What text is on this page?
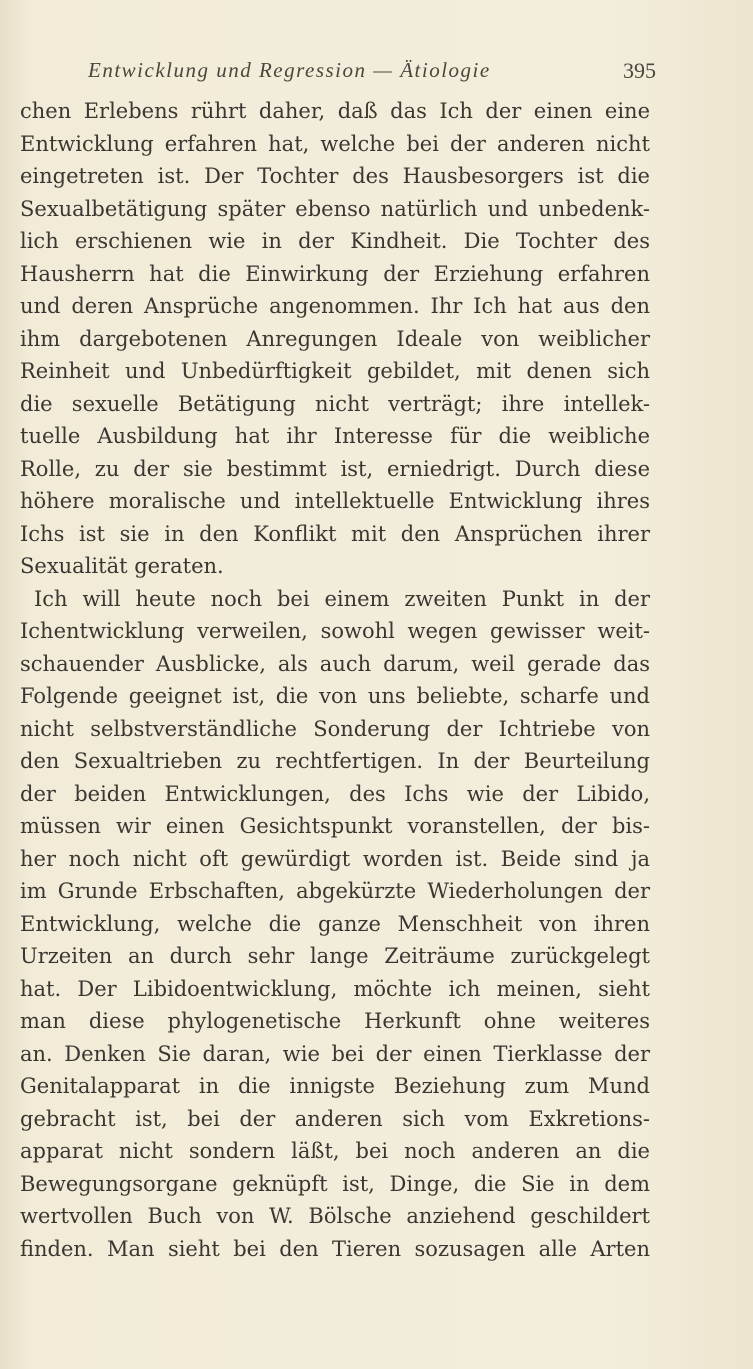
Entwicklung und Regression — Ätiologie	395
chen Erlebens rührt daher, daß das Ich der einen eine
Entwicklung erfahren hat, welche bei der anderen nicht
eingetreten ist. Der Tochter des Hausbesorgers ist die
Sexualbetätigung später ebenso natürlich und unbedenk-
lich erschienen wie in der Kindheit. Die Tochter des
Hausherrn hat die Einwirkung der Erziehung erfahren
und deren Ansprüche angenommen. Ihr Ich hat aus den
ihm dargebotenen Anregungen Ideale von weiblicher
Reinheit und Unbedürftigkeit gebildet, mit denen sich
die sexuelle Betätigung nicht verträgt; ihre intellek-
tuelle Ausbildung hat ihr Interesse für die weibliche
Rolle, zu der sie bestimmt ist, erniedrigt. Durch diese
höhere moralische und intellektuelle Entwicklung ihres
Ichs ist sie in den Konflikt mit den Ansprüchen ihrer
Sexualität geraten.
Ich will heute noch bei einem zweiten Punkt in der
Ichentwicklung verweilen, sowohl wegen gewisser weit-
schauender Ausblicke, als auch darum, weil gerade das
Folgende geeignet ist, die von uns beliebte, scharfe und
nicht selbstverständliche Sonderung der Ichtriebe von
den Sexualtrieben zu rechtfertigen. In der Beurteilung
der beiden Entwicklungen, des Ichs wie der Libido,
müssen wir einen Gesichtspunkt voranstellen, der bis-
her noch nicht oft gewürdigt worden ist. Beide sind ja
im Grunde Erbschaften, abgekürzte Wiederholungen der
Entwicklung, welche die ganze Menschheit von ihren
Urzeiten an durch sehr lange Zeiträume zurückgelegt
hat. Der Libidoentwicklung, möchte ich meinen, sieht
man diese phylogenetische Herkunft ohne weiteres
an. Denken Sie daran, wie bei der einen Tierklasse der
Genitalapparat in die innigste Beziehung zum Mund
gebracht ist, bei der anderen sich vom Exkretions-
apparat nicht sondern läßt, bei noch anderen an die
Bewegungsorgane geknüpft ist, Dinge, die Sie in dem
wertvollen Buch von W. Bölsche anziehend geschildert
finden. Man sieht bei den Tieren sozusagen alle Arten
